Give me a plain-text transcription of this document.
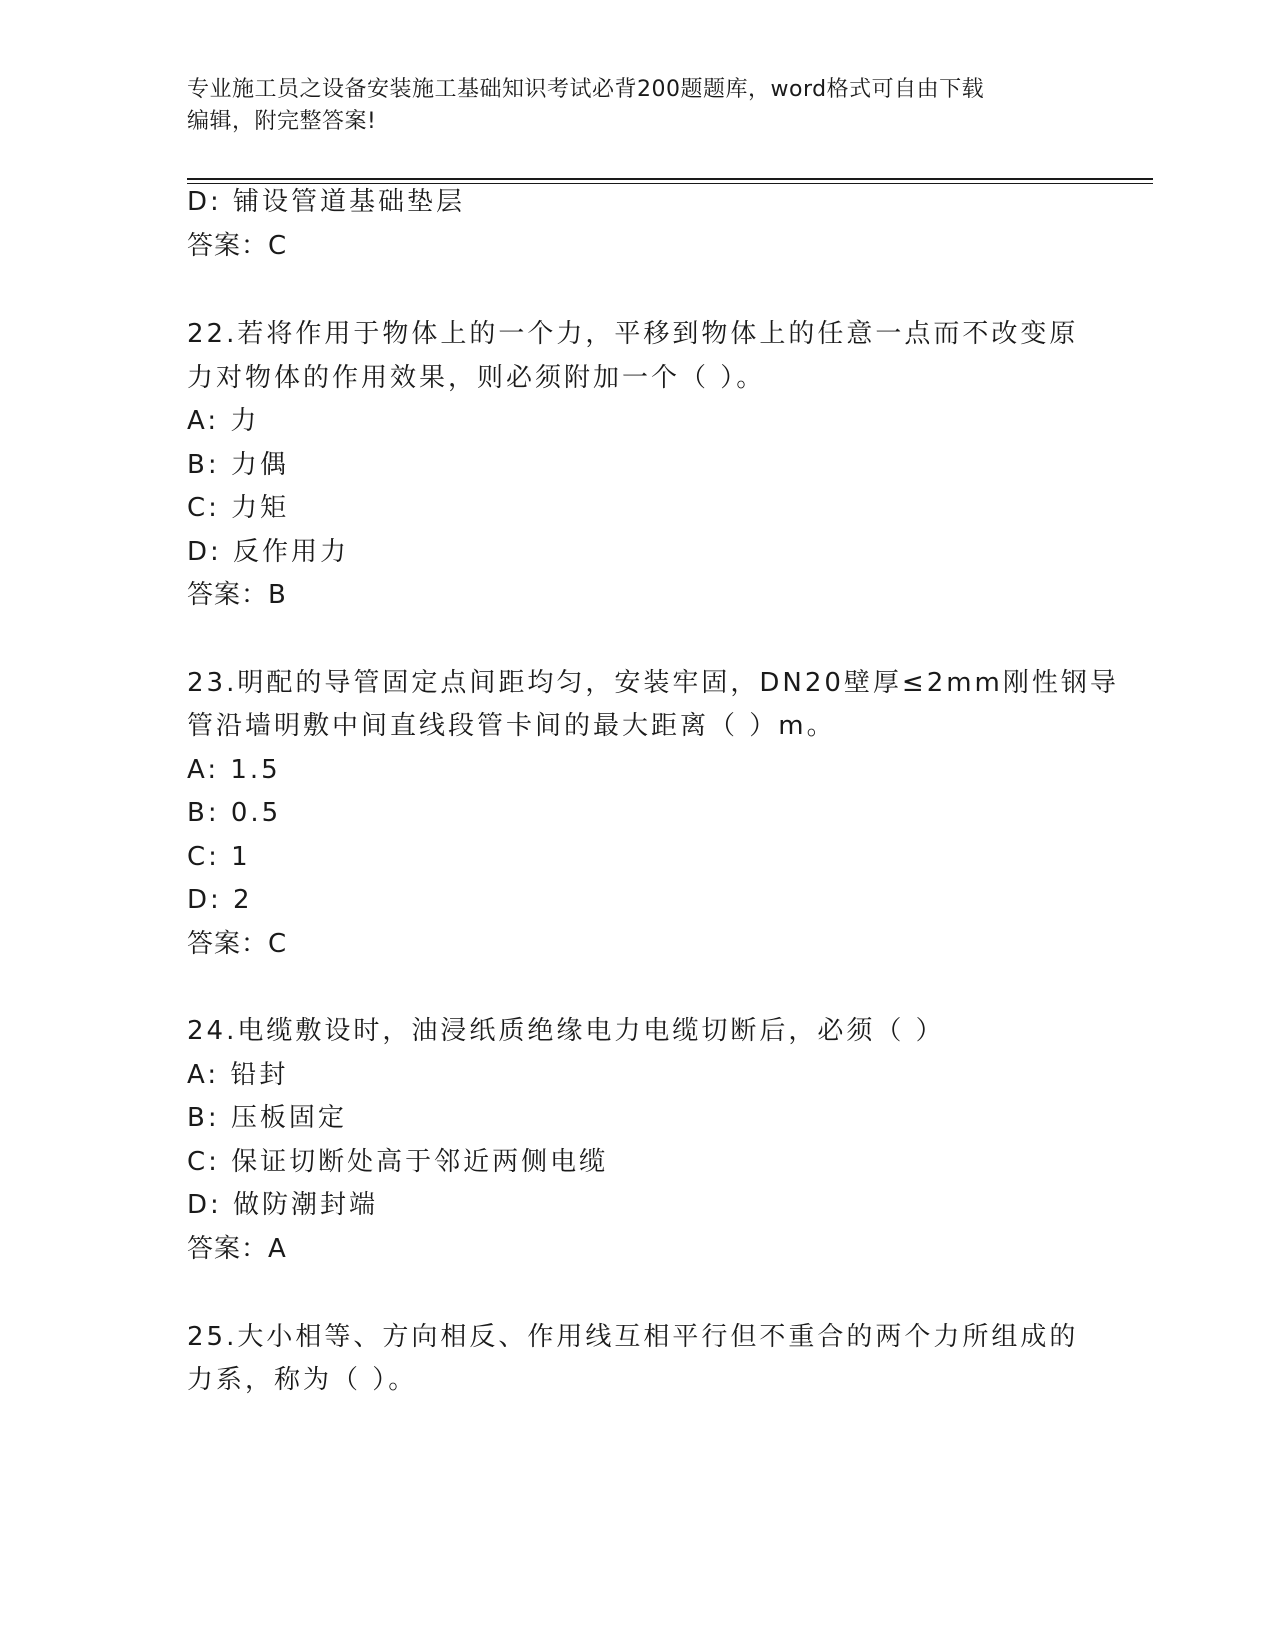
专业施工员之设备安装施工基础知识考试必背200题题库，word格式可自由下载
编辑，附完整答案!
D: 铺设管道基础垫层
答案：C
22.若将作用于物体上的一个力，平移到物体上的任意一点而不改变原
力对物体的作用效果，则必须附加一个（ ）。
A: 力
B: 力偶
C: 力矩
D: 反作用力
答案：B
23.明配的导管固定点间距均匀，安装牢固，DN20壁厚≤2mm刚性钢导
管沿墙明敷中间直线段管卡间的最大距离（ ）m。
A: 1.5
B: 0.5
C: 1
D: 2
答案：C
24.电缆敷设时，油浸纸质绝缘电力电缆切断后，必须（ ）
A: 铅封
B: 压板固定
C: 保证切断处高于邻近两侧电缆
D: 做防潮封端
答案：A
25.大小相等、方向相反、作用线互相平行但不重合的两个力所组成的
力系，称为（ ）。
